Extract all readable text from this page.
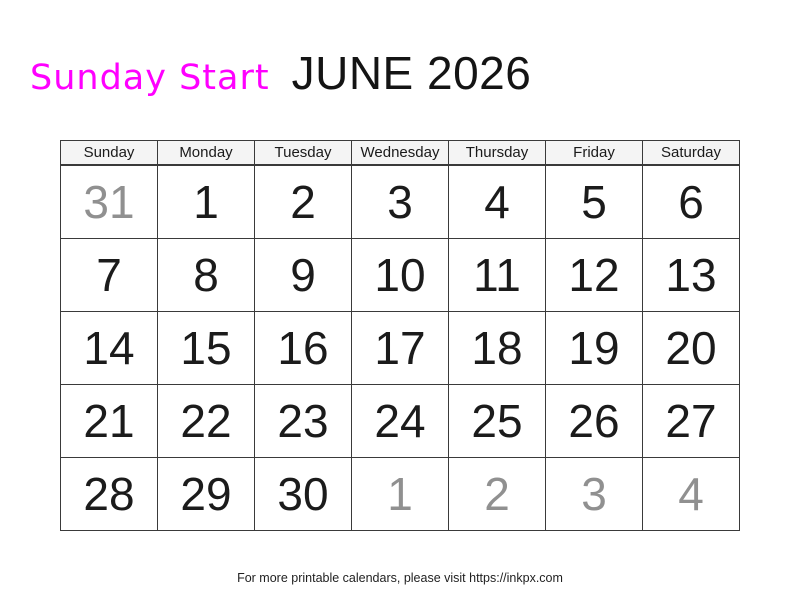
Sunday Start JUNE 2026
Sunday	Monday	Tuesday	Wednesday	Thursday	Friday	Saturday
31	1	2	3	4	5	6
7	8	9	10	11	12	13
14	15	16	17	18	19	20
21	22	23	24	25	26	27
28	29	30	1	2	3	4
For more printable calendars, please visit https://inkpx.com
